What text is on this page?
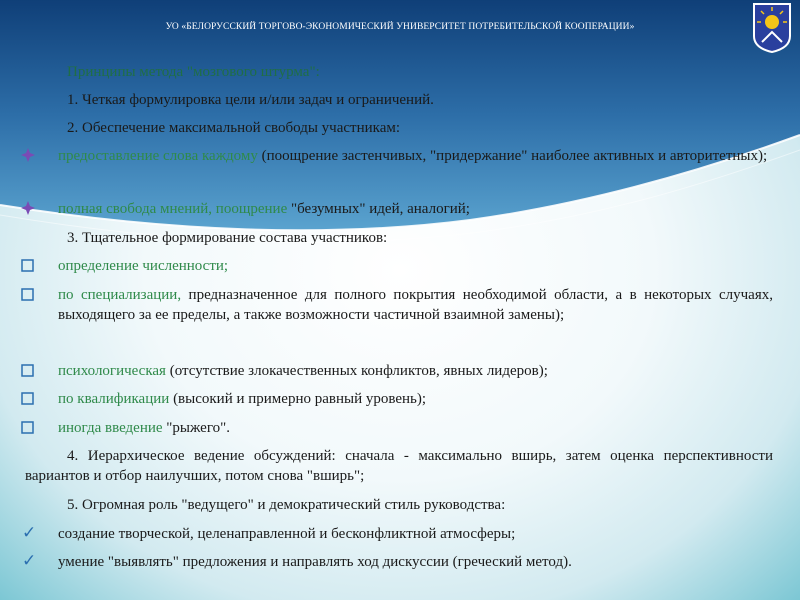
УО «БЕЛОРУССКИЙ ТОРГОВО-ЭКОНОМИЧЕСКИЙ УНИВЕРСИТЕТ ПОТРЕБИТЕЛЬСКОЙ КООПЕРАЦИИ»
Принципы метода "мозгового штурма":
1. Четкая формулировка цели и/или задач и ограничений.
2. Обеспечение максимальной свободы участникам:
предоставление слова каждому (поощрение застенчивых, "придержание" наиболее активных и авторитетных);
полная свобода мнений, поощрение "безумных" идей, аналогий;
3. Тщательное формирование состава участников:
определение численности;
по специализации, предназначенное для полного покрытия необходимой области, а в некоторых случаях, выходящего за ее пределы, а также возможности частичной взаимной замены);
психологическая (отсутствие злокачественных конфликтов, явных лидеров);
по квалификации (высокий и примерно равный уровень);
иногда введение "рыжего".
4. Иерархическое ведение обсуждений: сначала - максимально вширь, затем оценка перспективности вариантов и отбор наилучших, потом снова "вширь";
5. Огромная роль "ведущего" и демократический стиль руководства:
✓	создание творческой, целенаправленной и бесконфликтной атмосферы;
✓	умение "выявлять" предложения и направлять ход дискуссии (греческий метод).
